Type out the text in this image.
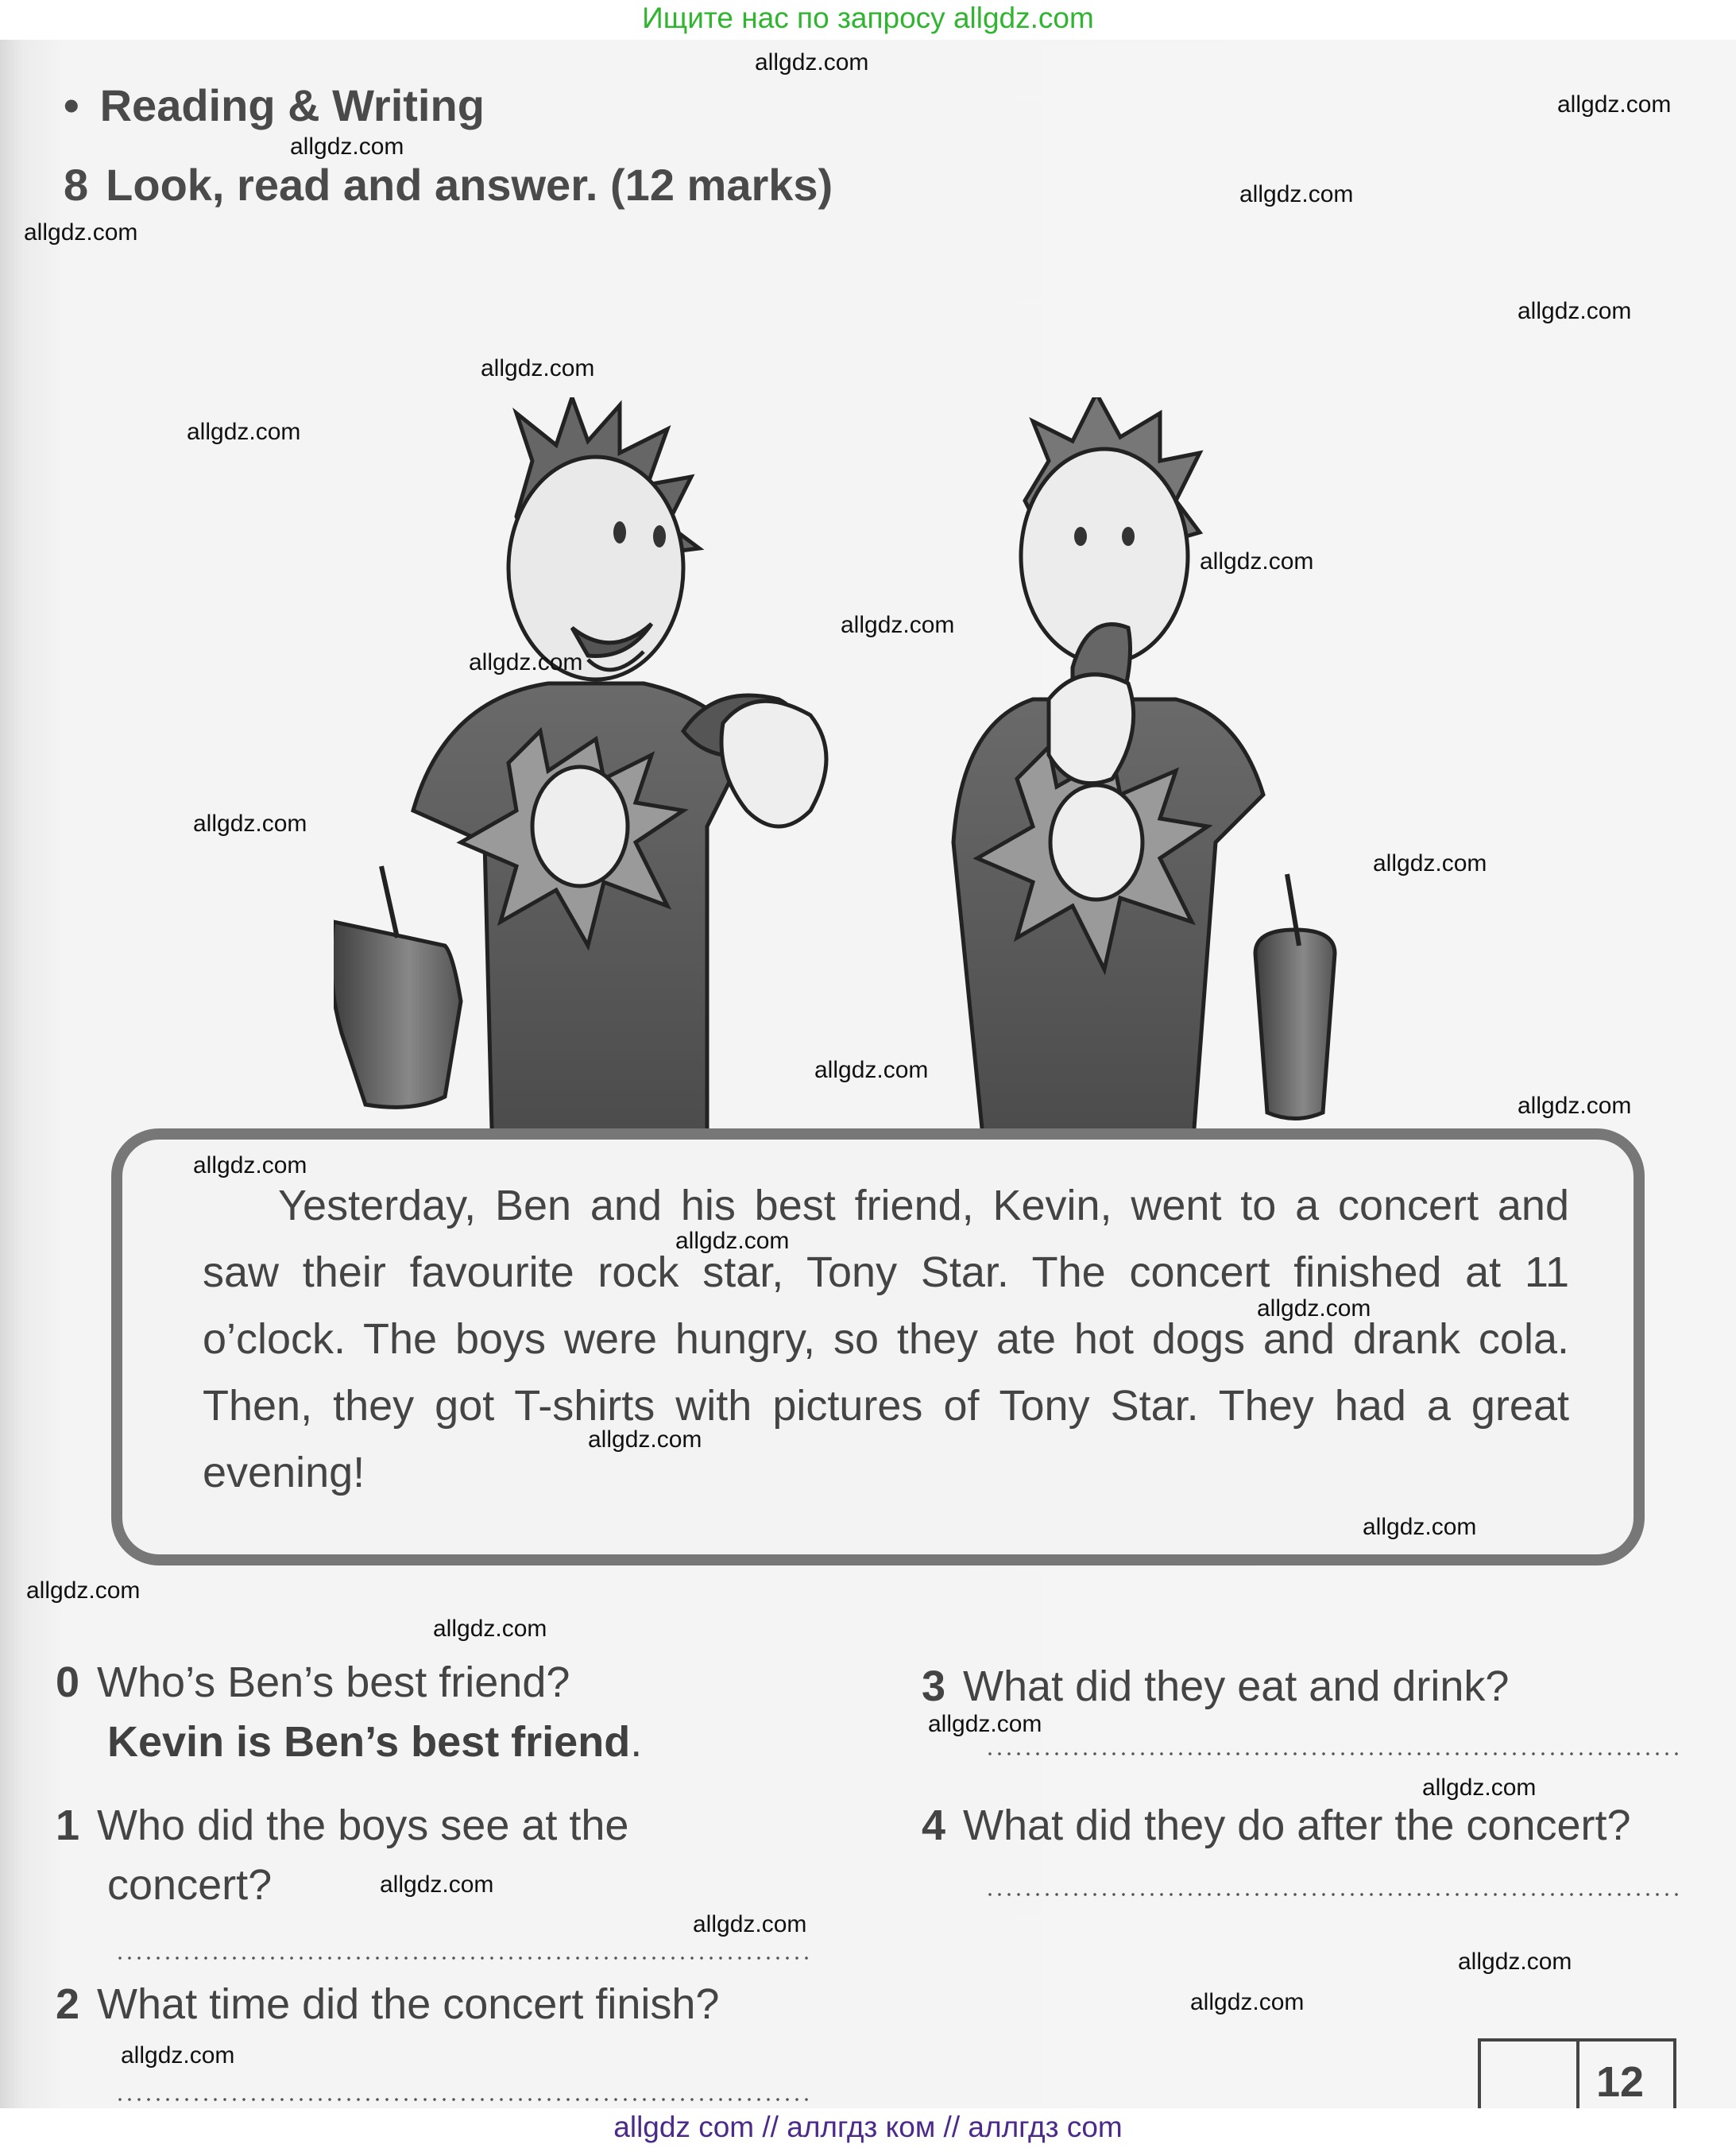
Ищите нас по запросу allgdz.com

• Reading & Writing
8 Look, read and answer. (12 marks)
Yesterday, Ben and his best friend, Kevin, went to a concert and saw their favourite rock star, Tony Star. The concert finished at 11 o’clock. The boys were hungry, so they ate hot dogs and drank cola. Then, they got T-shirts with pictures of Tony Star. They had a great evening!
0 Who’s Ben’s best friend?
Kevin is Ben’s best friend.
1 Who did the boys see at the
concert?
2 What time did the concert finish?
3 What did they eat and drink?
4 What did they do after the concert?
12
allgdz.com
allgdz.com
allgdz.com
allgdz.com
allgdz.com
allgdz.com
allgdz.com
allgdz.com
allgdz.com
allgdz.com
allgdz.com
allgdz.com
allgdz.com
allgdz.com
allgdz.com
allgdz.com
allgdz.com
allgdz.com
allgdz.com
allgdz.com
allgdz.com
allgdz.com
allgdz.com
allgdz.com
allgdz.com
allgdz.com
allgdz.com
allgdz.com
allgdz.com
allgdz com // аллгдз ком // аллгдз com
